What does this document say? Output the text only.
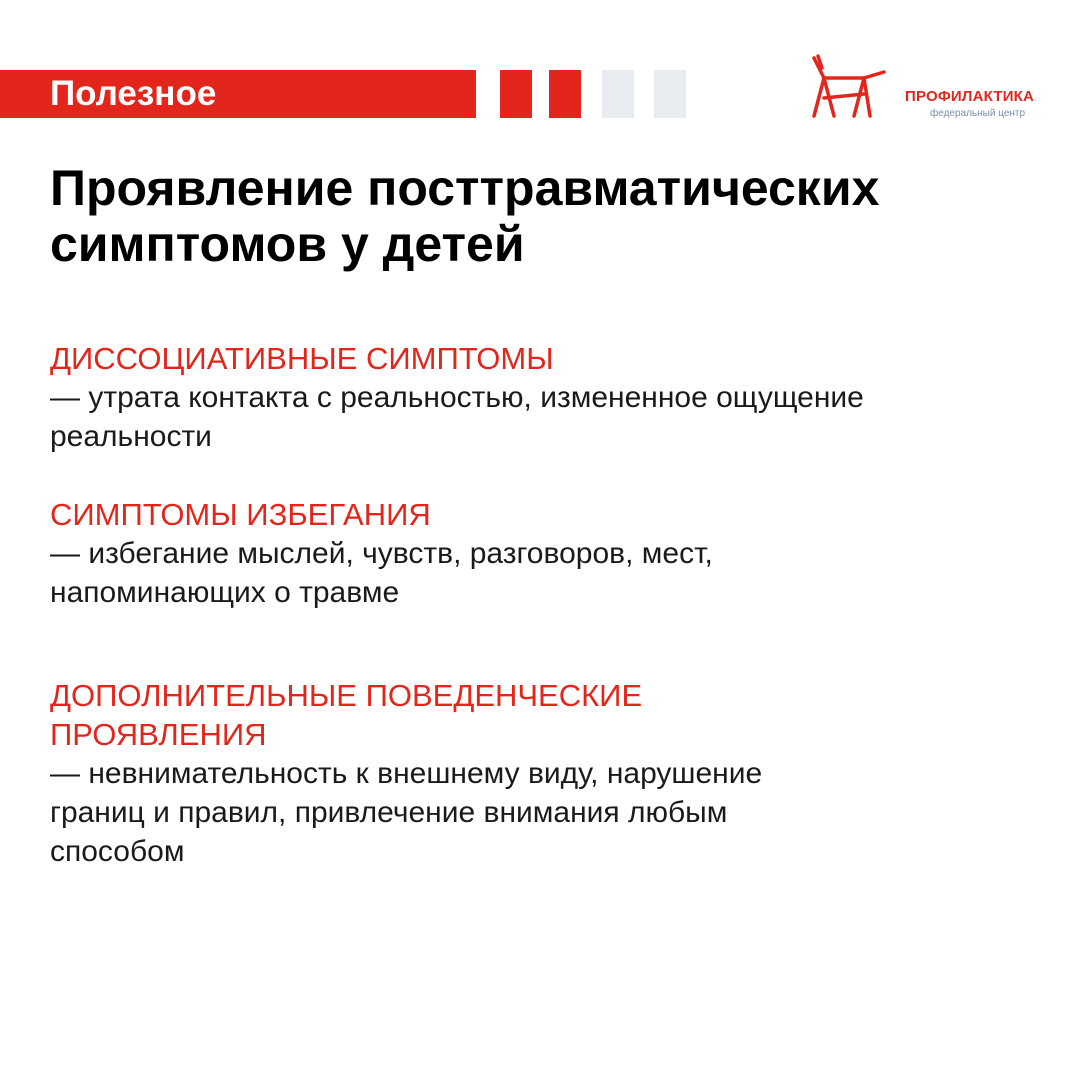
Полезное	ПРОФИЛАКТИКА
федеральный центр
Проявление посттравматических симптомов у детей
ДИССОЦИАТИВНЫЕ СИМПТОМЫ
— утрата контакта с реальностью, измененное ощущение реальности
СИМПТОМЫ ИЗБЕГАНИЯ
— избегание мыслей, чувств, разговоров, мест, напоминающих о травме
ДОПОЛНИТЕЛЬНЫЕ ПОВЕДЕНЧЕСКИЕ ПРОЯВЛЕНИЯ
— невнимательность к внешнему виду, нарушение границ и правил, привлечение внимания любым способом
